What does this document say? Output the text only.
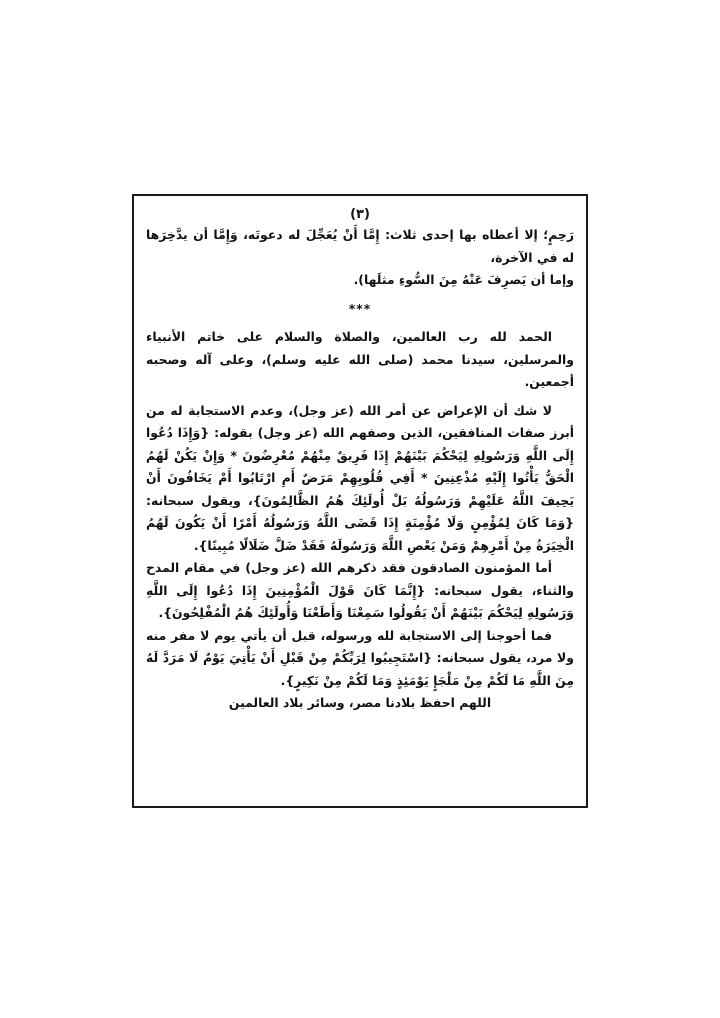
(٣)

رَحِمٍ؛ إلا أعطاه بها إحدى ثلاث: إِمَّا أَنْ يُعَجِّلَ له دعوتَه، وَإِمَّا أن يدَّخِرَها له في الآخرة،

وإما أن يَصرِفَ عَنْهُ مِنَ السُّوءِ مثلَها).

***

الحمد لله رب العالمين، والصلاة والسلام على خاتم الأنبياء والمرسلين، سيدنا محمد (صلى الله عليه وسلم)، وعلى آله وصحبه أجمعين.

لا شك أن الإعراض عن أمر الله (عز وجل)، وعدم الاستجابة له من أبرز صفات المنافقين، الذين وصفهم الله (عز وجل) بقوله: {وَإِذَا دُعُوا إِلَى اللَّهِ وَرَسُولِهِ لِيَحْكُمَ بَيْنَهُمْ إِذَا فَرِيقٌ مِنْهُمْ مُعْرِضُونَ * وَإِنْ يَكُنْ لَهُمُ الْحَقُّ يَأْتُوا إِلَيْهِ مُذْعِنِينَ * أَفِي قُلُوبِهِمْ مَرَضٌ أَمِ ارْتَابُوا أَمْ يَخَافُونَ أَنْ يَحِيفَ اللَّهُ عَلَيْهِمْ وَرَسُولُهُ بَلْ أُولَئِكَ هُمُ الظَّالِمُونَ}، ويقول سبحانه: {وَمَا كَانَ لِمُؤْمِنٍ وَلَا مُؤْمِنَةٍ إِذَا قَضَى اللَّهُ وَرَسُولُهُ أَمْرًا أَنْ يَكُونَ لَهُمُ الْخِيَرَةُ مِنْ أَمْرِهِمْ وَمَنْ يَعْصِ اللَّهَ وَرَسُولَهُ فَقَدْ ضَلَّ ضَلَالًا مُبِينًا}.

أما المؤمنون الصادقون فقد ذكرهم الله (عز وجل) في مقام المدح والثناء، يقول سبحانه: {إِنَّمَا كَانَ قَوْلَ الْمُؤْمِنِينَ إِذَا دُعُوا إِلَى اللَّهِ وَرَسُولِهِ لِيَحْكُمَ بَيْنَهُمْ أَنْ يَقُولُوا سَمِعْنَا وَأَطَعْنَا وَأُولَئِكَ هُمُ الْمُفْلِحُونَ}.

فما أحوجنا إلى الاستجابة لله ورسوله، قبل أن يأتي يوم لا مفر منه ولا مرد، يقول سبحانه: {اسْتَجِيبُوا لِرَبِّكُمْ مِنْ قَبْلِ أَنْ يَأْتِيَ يَوْمٌ لَا مَرَدَّ لَهُ مِنَ اللَّهِ مَا لَكُمْ مِنْ مَلْجَإٍ يَوْمَئِذٍ وَمَا لَكُمْ مِنْ نَكِيرٍ}.

اللهم احفظ بلادنا مصر، وسائر بلاد العالمين
